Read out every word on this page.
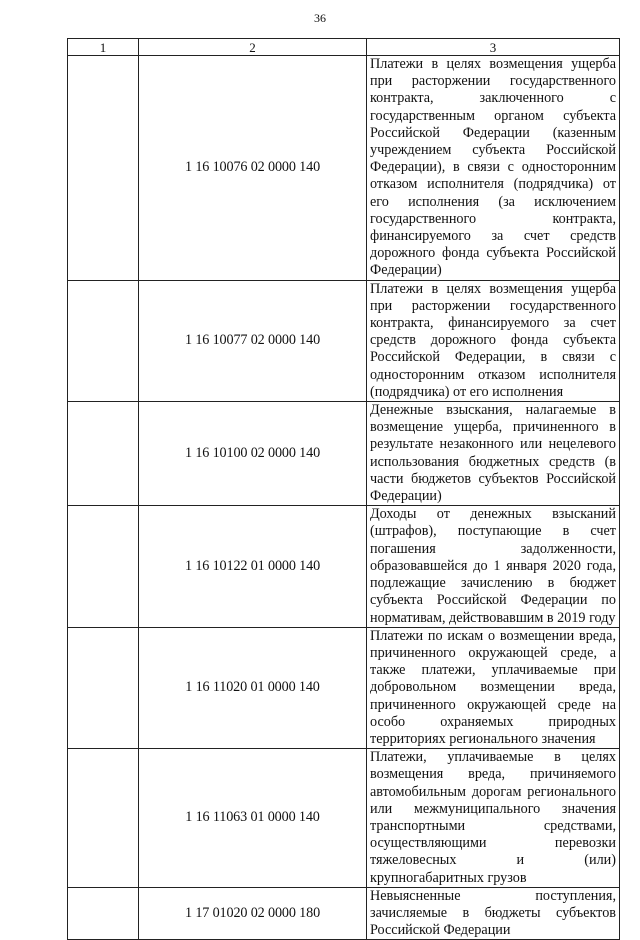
36
1	2	3
	1 16 10076 02 0000 140	Платежи в целях возмещения ущерба при расторжении государственного контракта, заключенного с государственным органом субъекта Российской Федерации (казенным учреждением субъекта Российской Федерации), в связи с односторонним отказом исполнителя (подрядчика) от его исполнения (за исключением государственного контракта, финансируемого за счет средств дорожного фонда субъекта Российской Федерации)
	1 16 10077 02 0000 140	Платежи в целях возмещения ущерба при расторжении государственного контракта, финансируемого за счет средств дорожного фонда субъекта Российской Федерации, в связи с односторонним отказом исполнителя (подрядчика) от его исполнения
	1 16 10100 02 0000 140	Денежные взыскания, налагаемые в возмещение ущерба, причиненного в результате незаконного или нецелевого использования бюджетных средств (в части бюджетов субъектов Российской Федерации)
	1 16 10122 01 0000 140	Доходы от денежных взысканий (штрафов), поступающие в счет погашения задолженности, образовавшейся до 1 января 2020 года, подлежащие зачислению в бюджет субъекта Российской Федерации по нормативам, действовавшим в 2019 году
	1 16 11020 01 0000 140	Платежи по искам о возмещении вреда, причиненного окружающей среде, а также платежи, уплачиваемые при добровольном возмещении вреда, причиненного окружающей среде на особо охраняемых природных территориях регионального значения
	1 16 11063 01 0000 140	Платежи, уплачиваемые в целях возмещения вреда, причиняемого автомобильным дорогам регионального или межмуниципального значения транспортными средствами, осуществляющими перевозки тяжеловесных и (или) крупногабаритных грузов
	1 17 01020 02 0000 180	Невыясненные поступления, зачисляемые в бюджеты субъектов Российской Федерации
